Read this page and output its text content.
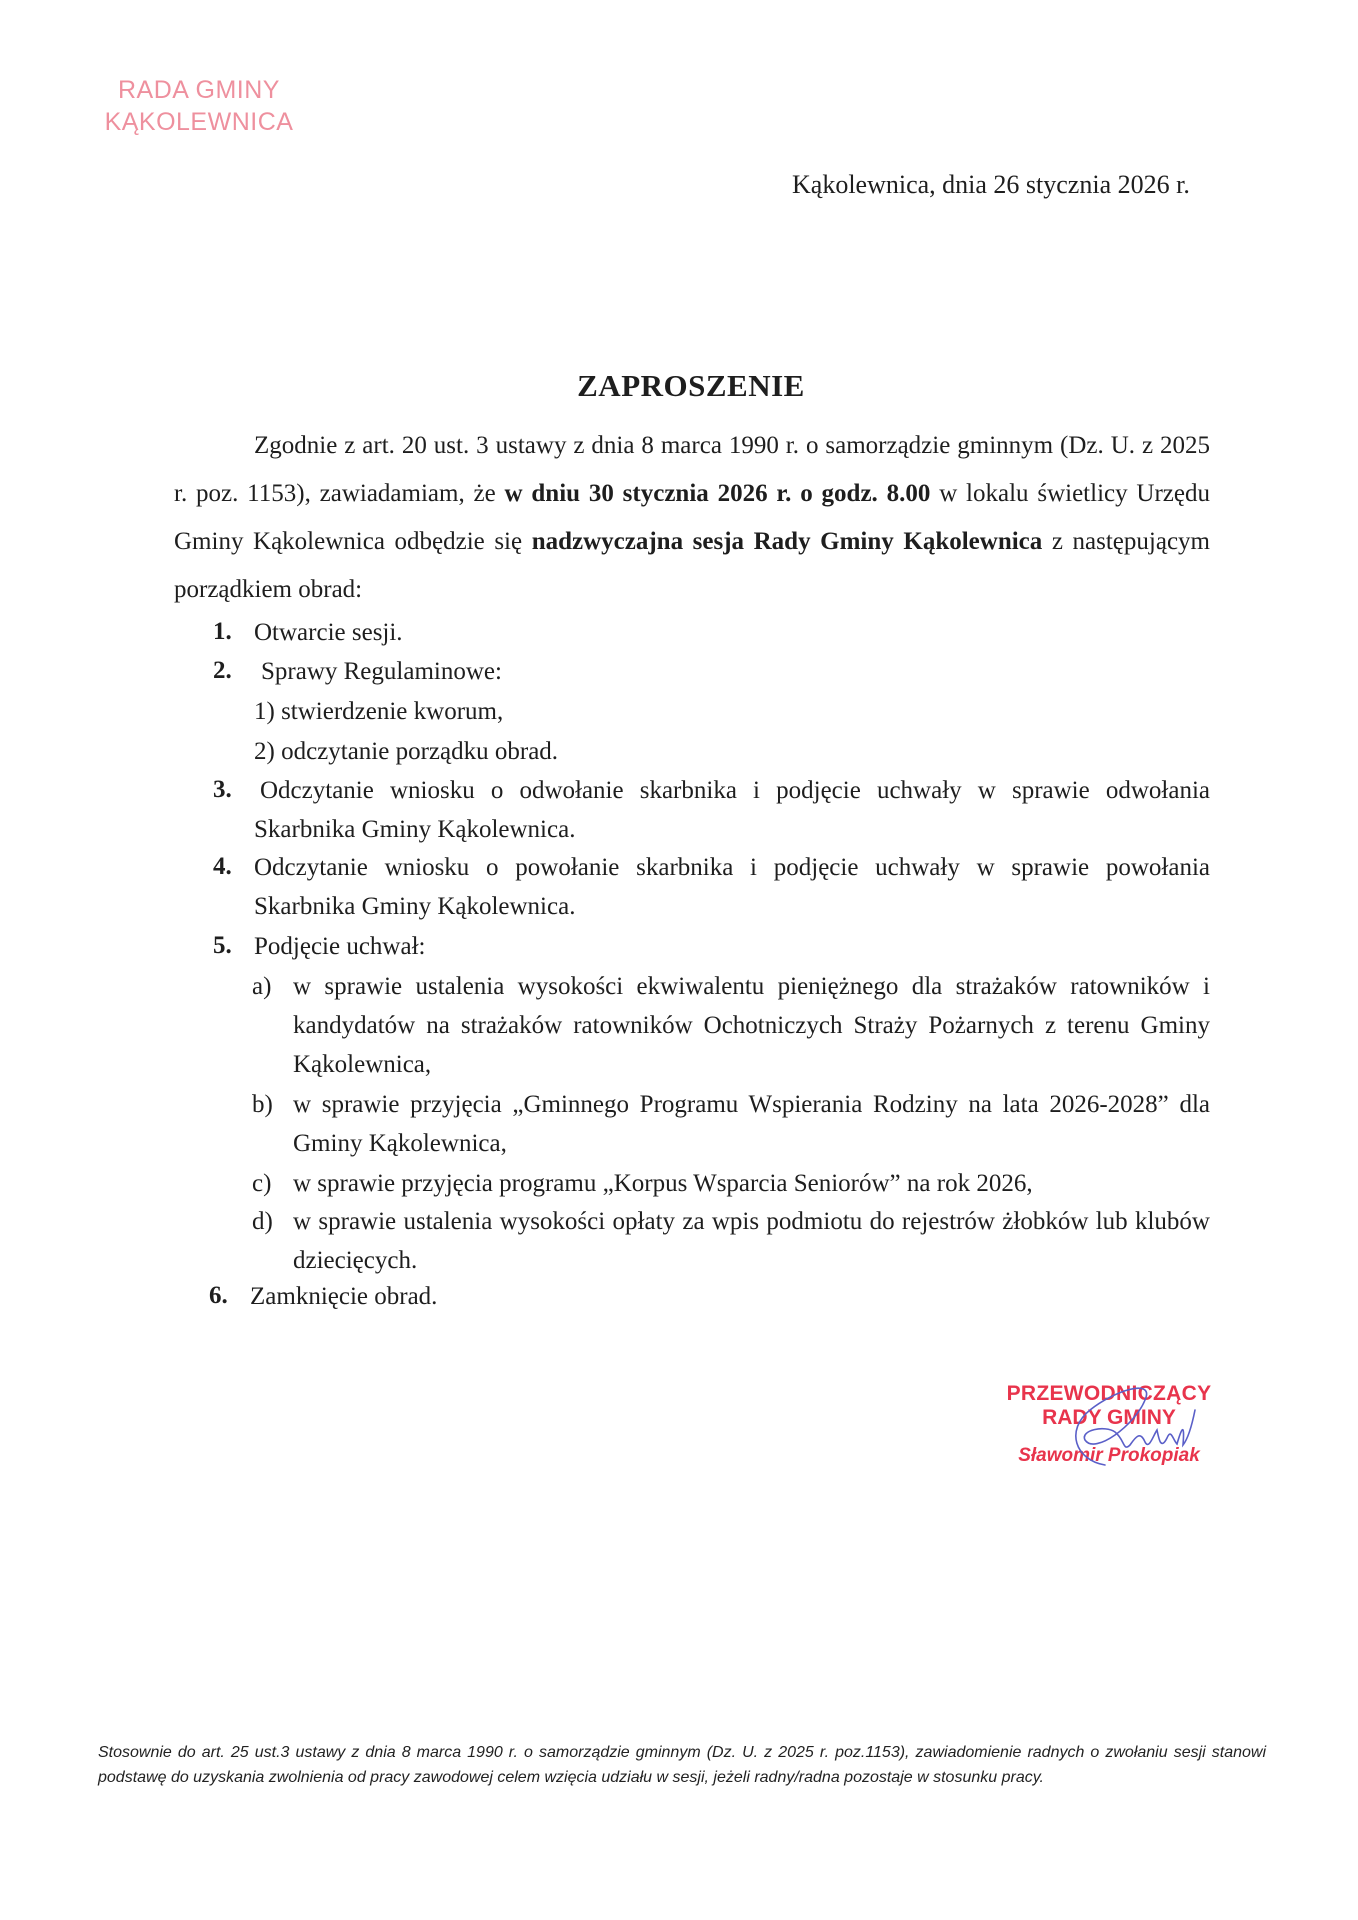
RADA GMINY
KĄKOLEWNICA
Kąkolewnica, dnia 26 stycznia 2026 r.
ZAPROSZENIE
Zgodnie z art. 20 ust. 3 ustawy z dnia 8 marca 1990 r. o samorządzie gminnym (Dz. U. z 2025 r. poz. 1153), zawiadamiam, że w dniu 30 stycznia 2026 r. o godz. 8.00 w lokalu świetlicy Urzędu Gminy Kąkolewnica odbędzie się nadzwyczajna sesja Rady Gminy Kąkolewnica z następującym porządkiem obrad:
1. Otwarcie sesji.
2. Sprawy Regulaminowe:
1) stwierdzenie kworum,
2) odczytanie porządku obrad.
3. Odczytanie wniosku o odwołanie skarbnika i podjęcie uchwały w sprawie odwołania Skarbnika Gminy Kąkolewnica.
4. Odczytanie wniosku o powołanie skarbnika i podjęcie uchwały w sprawie powołania Skarbnika Gminy Kąkolewnica.
5. Podjęcie uchwał:
a) w sprawie ustalenia wysokości ekwiwalentu pieniężnego dla strażaków ratowników i kandydatów na strażaków ratowników Ochotniczych Straży Pożarnych z terenu Gminy Kąkolewnica,
b) w sprawie przyjęcia „Gminnego Programu Wspierania Rodziny na lata 2026-2028” dla Gminy Kąkolewnica,
c) w sprawie przyjęcia programu „Korpus Wsparcia Seniorów” na rok 2026,
d) w sprawie ustalenia wysokości opłaty za wpis podmiotu do rejestrów żłobków lub klubów dziecięcych.
6. Zamknięcie obrad.
PRZEWODNICZĄCY
RADY GMINY
Sławomir Prokopiak
Stosownie do art. 25 ust.3 ustawy z dnia 8 marca 1990 r. o samorządzie gminnym (Dz. U. z 2025 r. poz.1153), zawiadomienie radnych o zwołaniu sesji stanowi podstawę do uzyskania zwolnienia od pracy zawodowej celem wzięcia udziału w sesji, jeżeli radny/radna pozostaje w stosunku pracy.
